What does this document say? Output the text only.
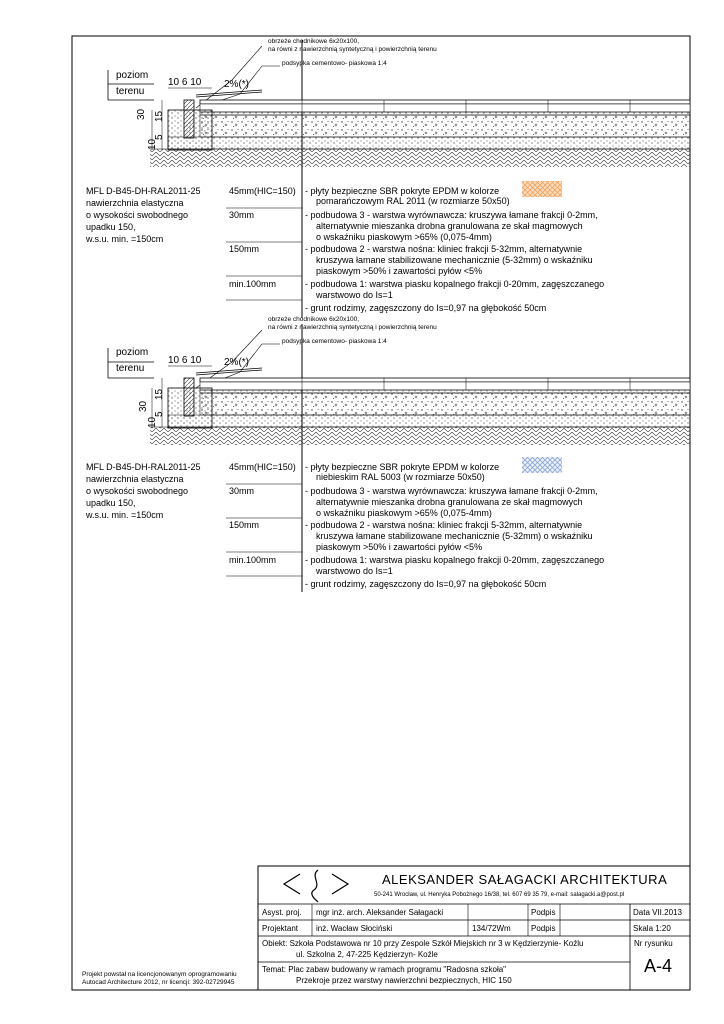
obrzeże chodnikowe 6x20x100,
na równi z nawierzchnią syntetyczną i powierzchnią terenu
podsypka cementowo- piaskowa 1:4
poziom
terenu
10 6 10 2%(*)
30 15
5
10
MFL D-B45-DH-RAL2011-25
nawierzchnia elastyczna
o wysokości swobodnego
upadku 150,
w.s.u. min. =150cm
45mm(HIC=150) - płyty bezpieczne SBR pokryte EPDM w kolorze
pomarańczowym RAL 2011 (w rozmiarze 50x50)
30mm	- podbudowa 3 - warstwa wyrównawcza: kruszywa łamane frakcji 0-2mm,
alternatywnie mieszanka drobna granulowana ze skał magmowych
o wskaźniku piaskowym >65% (0,075-4mm)
150mm	- podbudowa 2 - warstwa nośna: kliniec frakcji 5-32mm, alternatywnie
kruszywa łamane stabilizowane mechanicznie (5-32mm) o wskaźniku
piaskowym >50% i zawartości pyłów <5%
min.100mm	- podbudowa 1: warstwa piasku kopalnego frakcji 0-20mm, zagęszczanego
warstwowo do Is=1
- grunt rodzimy, zagęszczony do Is=0,97 na głębokość 50cm
obrzeże chodnikowe 6x20x100,
na równi z nawierzchnią syntetyczną i powierzchnią terenu
podsypka cementowo- piaskowa 1:4
poziom
terenu
10 6 10 2%(*)
30
15
5
10
MFL D-B45-DH-RAL2011-25
nawierzchnia elastyczna
o wysokości swobodnego
upadku 150,
w.s.u. min. =150cm
45mm(HIC=150) - płyty bezpieczne SBR pokryte EPDM w kolorze
niebieskim RAL 5003 (w rozmiarze 50x50)
30mm	- podbudowa 3 - warstwa wyrównawcza: kruszywa łamane frakcji 0-2mm,
alternatywnie mieszanka drobna granulowana ze skał magmowych
o wskaźniku piaskowym >65% (0,075-4mm)
150mm	- podbudowa 2 - warstwa nośna: kliniec frakcji 5-32mm, alternatywnie
kruszywa łamane stabilizowane mechanicznie (5-32mm) o wskaźniku
piaskowym >50% i zawartości pyłów <5%
min.100mm	- podbudowa 1: warstwa piasku kopalnego frakcji 0-20mm, zagęszczanego
warstwowo do Is=1
- grunt rodzimy, zagęszczony do Is=0,97 na głębokość 50cm
ALEKSANDER SAŁAGACKI ARCHITEKTURA
50-241 Wrocław, ul. Henryka Pobożnego 16/38, tel. 607 69 35 79, e-mail: salagacki.a@post.pl
Asyst. proj. mgr inż. arch. Aleksander Sałagacki	Podpis	Data VII.2013
Projektant inż. Wacław Słociński	134/72Wm	Podpis	Skala 1:20
Obiekt: Szkoła Podstawowa nr 10 przy Zespole Szkół Miejskich nr 3 w Kędzierzynie- Koźlu
ul. Szkolna 2, 47-225 Kędzierzyn- Koźle
Nr rysunku
Temat: Plac zabaw budowany w ramach programu "Radosna szkoła"
Przekroje przez warstwy nawierzchni bezpiecznych, HIC 150
A-4
Projekt powstał na licencjonowanym oprogramowaniu
Autocad Architecture 2012, nr licencji: 392-02729945
